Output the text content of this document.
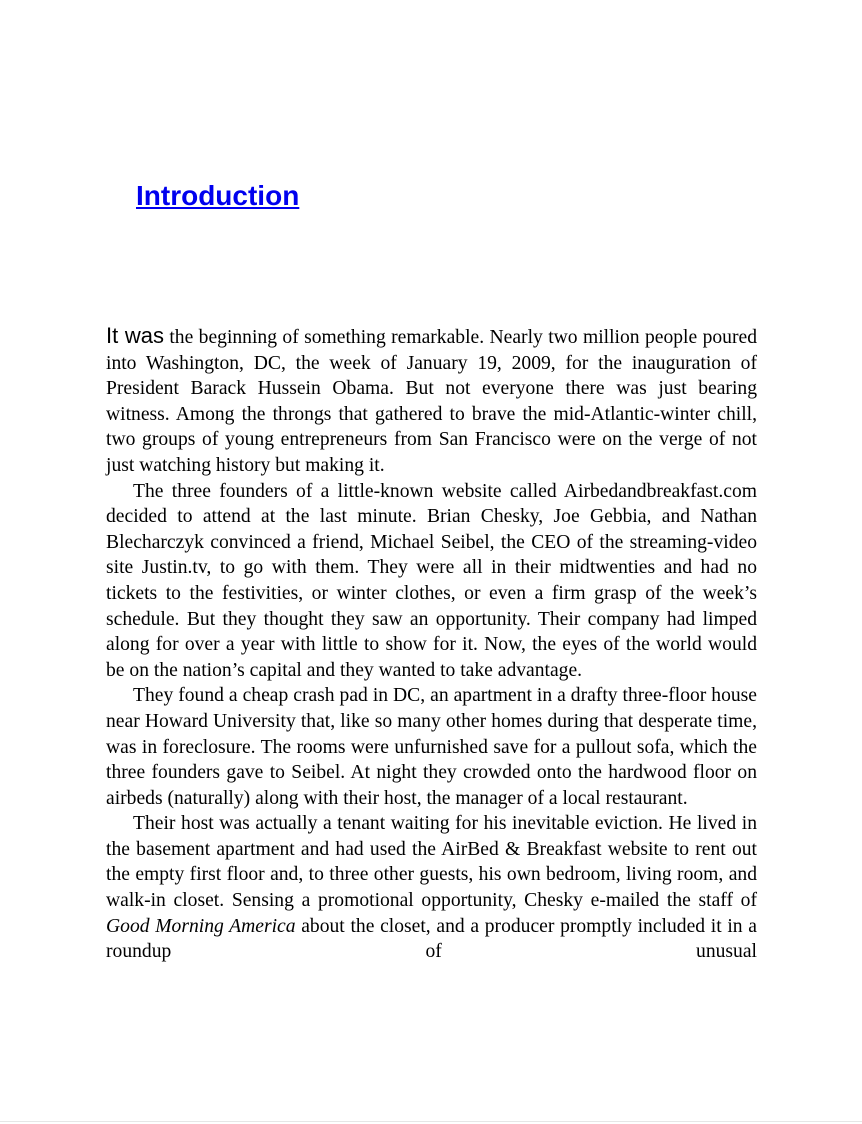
Introduction

It was the beginning of something remarkable. Nearly two million people poured into Washington, DC, the week of January 19, 2009, for the inauguration of President Barack Hussein Obama. But not everyone there was just bearing witness. Among the throngs that gathered to brave the mid-Atlantic-winter chill, two groups of young entrepreneurs from San Francisco were on the verge of not just watching history but making it.

The three founders of a little-known website called Airbedandbreakfast.com decided to attend at the last minute. Brian Chesky, Joe Gebbia, and Nathan Blecharczyk convinced a friend, Michael Seibel, the CEO of the streaming-video site Justin.tv, to go with them. They were all in their midtwenties and had no tickets to the festivities, or winter clothes, or even a firm grasp of the week’s schedule. But they thought they saw an opportunity. Their company had limped along for over a year with little to show for it. Now, the eyes of the world would be on the nation’s capital and they wanted to take advantage.

They found a cheap crash pad in DC, an apartment in a drafty three-floor house near Howard University that, like so many other homes during that desperate time, was in foreclosure. The rooms were unfurnished save for a pullout sofa, which the three founders gave to Seibel. At night they crowded onto the hardwood floor on airbeds (naturally) along with their host, the manager of a local restaurant.

Their host was actually a tenant waiting for his inevitable eviction. He lived in the basement apartment and had used the AirBed & Breakfast website to rent out the empty first floor and, to three other guests, his own bedroom, living room, and walk-in closet. Sensing a promotional opportunity, Chesky e-mailed the staff of Good Morning America about the closet, and a producer promptly included it in a roundup of unusual
